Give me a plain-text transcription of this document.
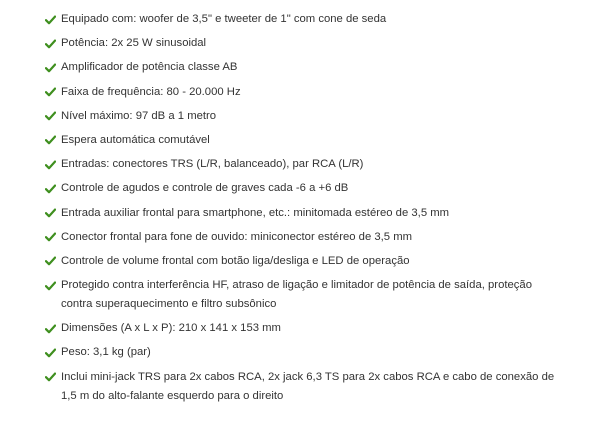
Equipado com: woofer de 3,5" e tweeter de 1" com cone de seda
Potência: 2x 25 W sinusoidal
Amplificador de potência classe AB
Faixa de frequência: 80 - 20.000 Hz
Nível máximo: 97 dB a 1 metro
Espera automática comutável
Entradas: conectores TRS (L/R, balanceado), par RCA (L/R)
Controle de agudos e controle de graves cada -6 a +6 dB
Entrada auxiliar frontal para smartphone, etc.: minitomada estéreo de 3,5 mm
Conector frontal para fone de ouvido: miniconector estéreo de 3,5 mm
Controle de volume frontal com botão liga/desliga e LED de operação
Protegido contra interferência HF, atraso de ligação e limitador de potência de saída, proteção contra superaquecimento e filtro subsônico
Dimensões (A x L x P): 210 x 141 x 153 mm
Peso: 3,1 kg (par)
Inclui mini-jack TRS para 2x cabos RCA, 2x jack 6,3 TS para 2x cabos RCA e cabo de conexão de 1,5 m do alto-falante esquerdo para o direito
